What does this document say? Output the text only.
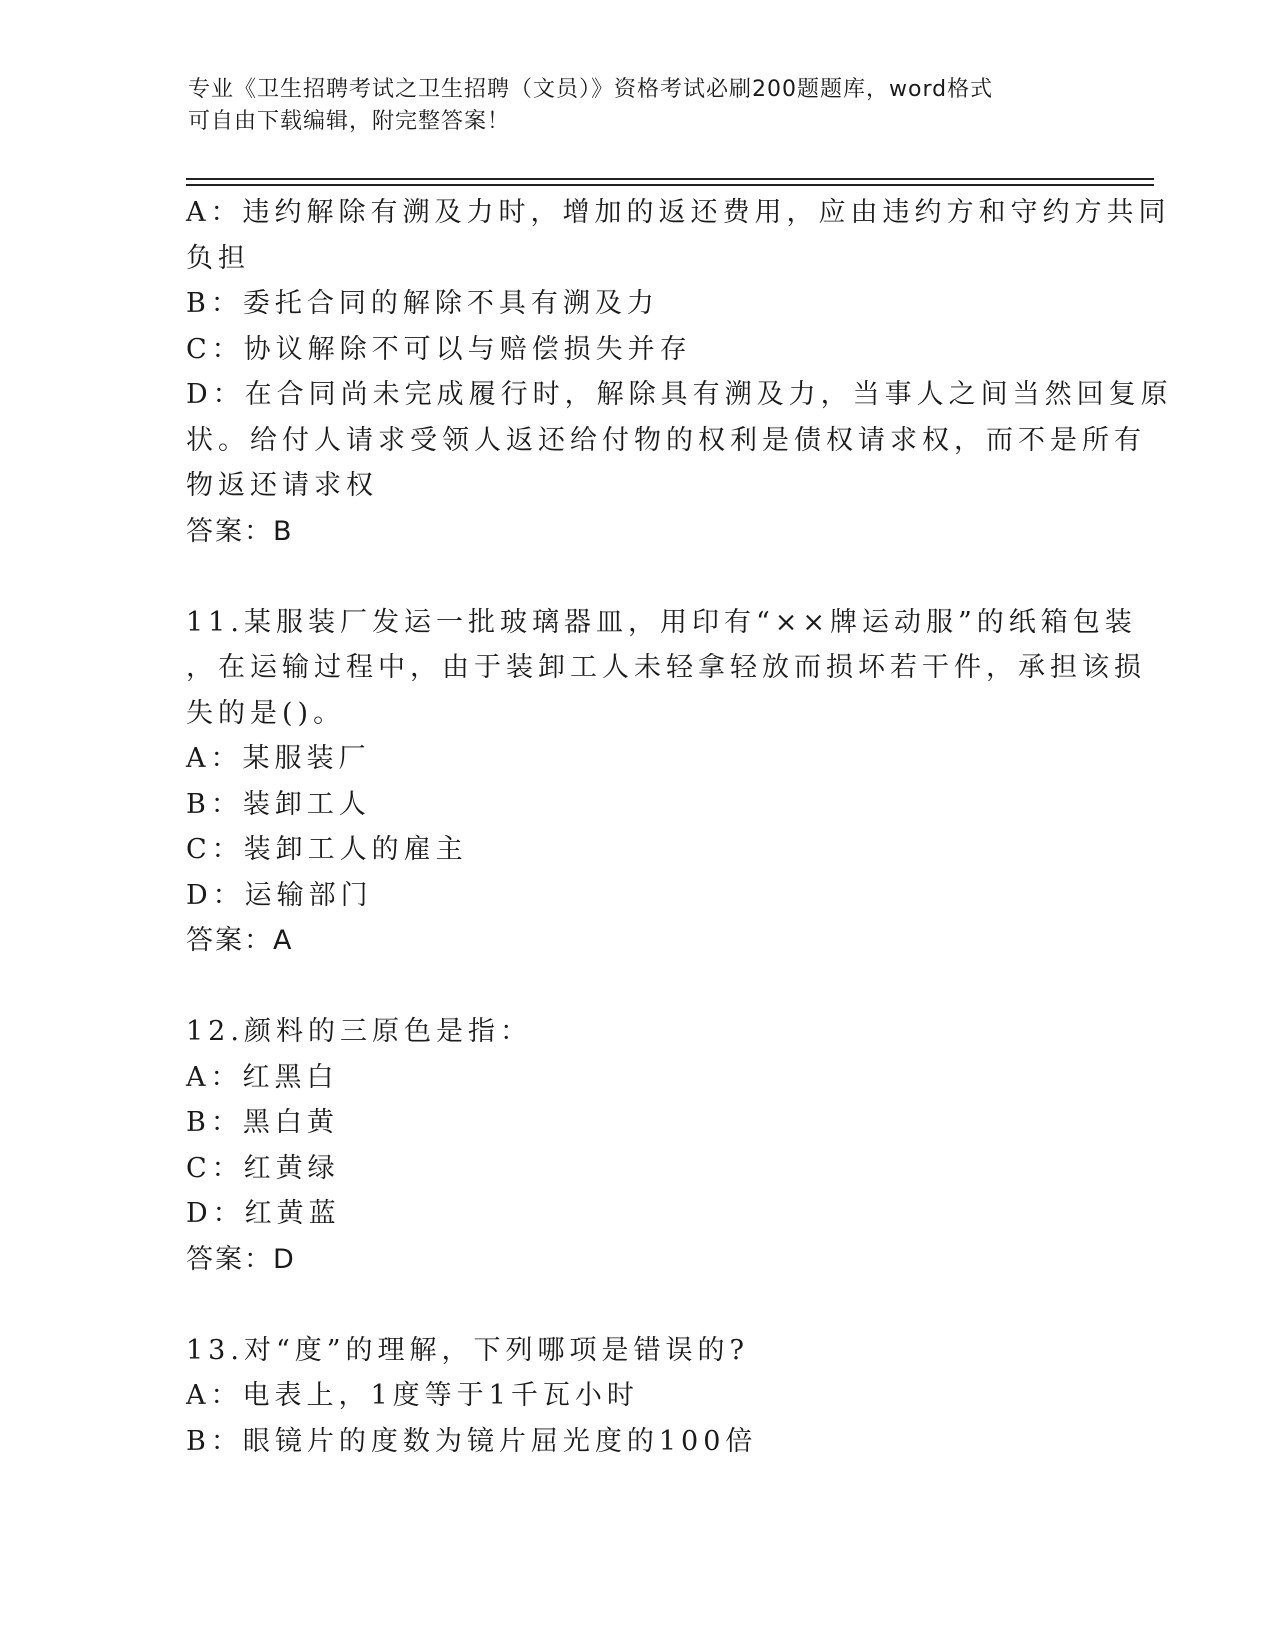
专业《卫生招聘考试之卫生招聘（文员）》资格考试必刷200题题库，word格式
可自由下载编辑，附完整答案！
A：违约解除有溯及力时，增加的返还费用，应由违约方和守约方共同
负担
B：委托合同的解除不具有溯及力
C：协议解除不可以与赔偿损失并存
D：在合同尚未完成履行时，解除具有溯及力，当事人之间当然回复原
状。给付人请求受领人返还给付物的权利是债权请求权，而不是所有
物返还请求权
答案：B
11.某服装厂发运一批玻璃器皿，用印有“××牌运动服”的纸箱包装
，在运输过程中，由于装卸工人未轻拿轻放而损坏若干件，承担该损
失的是()。
A：某服装厂
B：装卸工人
C：装卸工人的雇主
D：运输部门
答案：A
12.颜料的三原色是指：
A：红黑白
B：黑白黄
C：红黄绿
D：红黄蓝
答案：D
13.对“度”的理解，下列哪项是错误的?
A：电表上，1度等于1千瓦小时
B：眼镜片的度数为镜片屈光度的100倍
